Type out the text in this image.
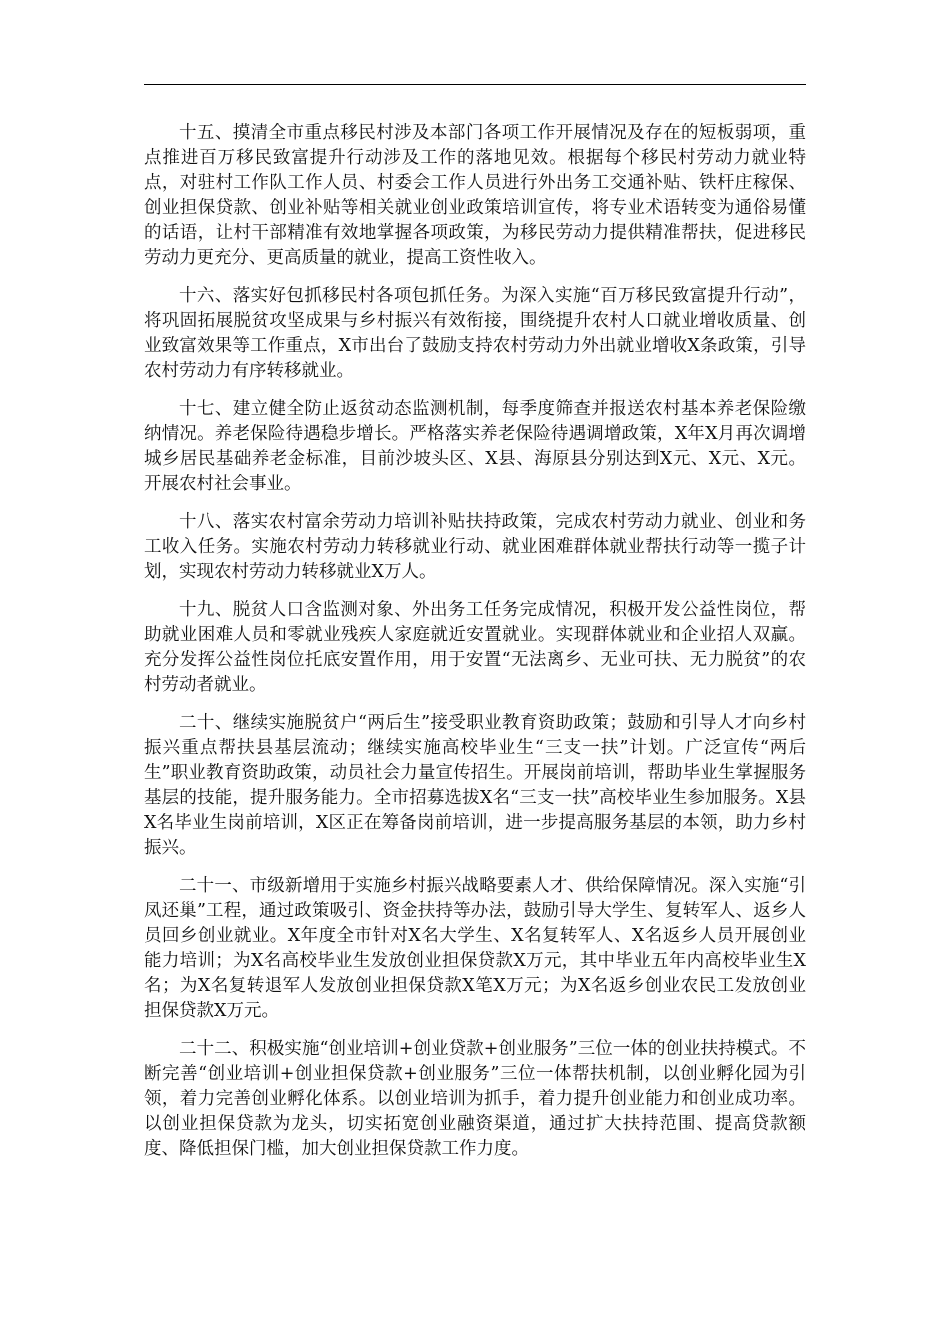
十五、摸清全市重点移民村涉及本部门各项工作开展情况及存在的短板弱项，重点推进百万移民致富提升行动涉及工作的落地见效。根据每个移民村劳动力就业特点，对驻村工作队工作人员、村委会工作人员进行外出务工交通补贴、铁杆庄稼保、创业担保贷款、创业补贴等相关就业创业政策培训宣传，将专业术语转变为通俗易懂的话语，让村干部精准有效地掌握各项政策，为移民劳动力提供精准帮扶，促进移民劳动力更充分、更高质量的就业，提高工资性收入。

十六、落实好包抓移民村各项包抓任务。为深入实施“百万移民致富提升行动”，将巩固拓展脱贫攻坚成果与乡村振兴有效衔接，围绕提升农村人口就业增收质量、创业致富效果等工作重点，X市出台了鼓励支持农村劳动力外出就业增收X条政策，引导农村劳动力有序转移就业。

十七、建立健全防止返贫动态监测机制，每季度筛查并报送农村基本养老保险缴纳情况。养老保险待遇稳步增长。严格落实养老保险待遇调增政策，X年X月再次调增城乡居民基础养老金标准，目前沙坡头区、X县、海原县分别达到X元、X元、X元。开展农村社会事业。

十八、落实农村富余劳动力培训补贴扶持政策，完成农村劳动力就业、创业和务工收入任务。实施农村劳动力转移就业行动、就业困难群体就业帮扶行动等一揽子计划，实现农村劳动力转移就业X万人。

十九、脱贫人口含监测对象、外出务工任务完成情况，积极开发公益性岗位，帮助就业困难人员和零就业残疾人家庭就近安置就业。实现群体就业和企业招人双赢。充分发挥公益性岗位托底安置作用，用于安置“无法离乡、无业可扶、无力脱贫”的农村劳动者就业。

二十、继续实施脱贫户“两后生”接受职业教育资助政策；鼓励和引导人才向乡村振兴重点帮扶县基层流动；继续实施高校毕业生“三支一扶”计划。广泛宣传“两后生”职业教育资助政策，动员社会力量宣传招生。开展岗前培训，帮助毕业生掌握服务基层的技能，提升服务能力。全市招募选拔X名“三支一扶”高校毕业生参加服务。X县X名毕业生岗前培训，X区正在筹备岗前培训，进一步提高服务基层的本领，助力乡村振兴。

二十一、市级新增用于实施乡村振兴战略要素人才、供给保障情况。深入实施“引凤还巢”工程，通过政策吸引、资金扶持等办法，鼓励引导大学生、复转军人、返乡人员回乡创业就业。X年度全市针对X名大学生、X名复转军人、X名返乡人员开展创业能力培训；为X名高校毕业生发放创业担保贷款X万元，其中毕业五年内高校毕业生X名；为X名复转退军人发放创业担保贷款X笔X万元；为X名返乡创业农民工发放创业担保贷款X万元。

二十二、积极实施“创业培训+创业贷款+创业服务”三位一体的创业扶持模式。不断完善“创业培训+创业担保贷款+创业服务”三位一体帮扶机制，以创业孵化园为引领，着力完善创业孵化体系。以创业培训为抓手，着力提升创业能力和创业成功率。以创业担保贷款为龙头，切实拓宽创业融资渠道，通过扩大扶持范围、提高贷款额度、降低担保门槛，加大创业担保贷款工作力度。
